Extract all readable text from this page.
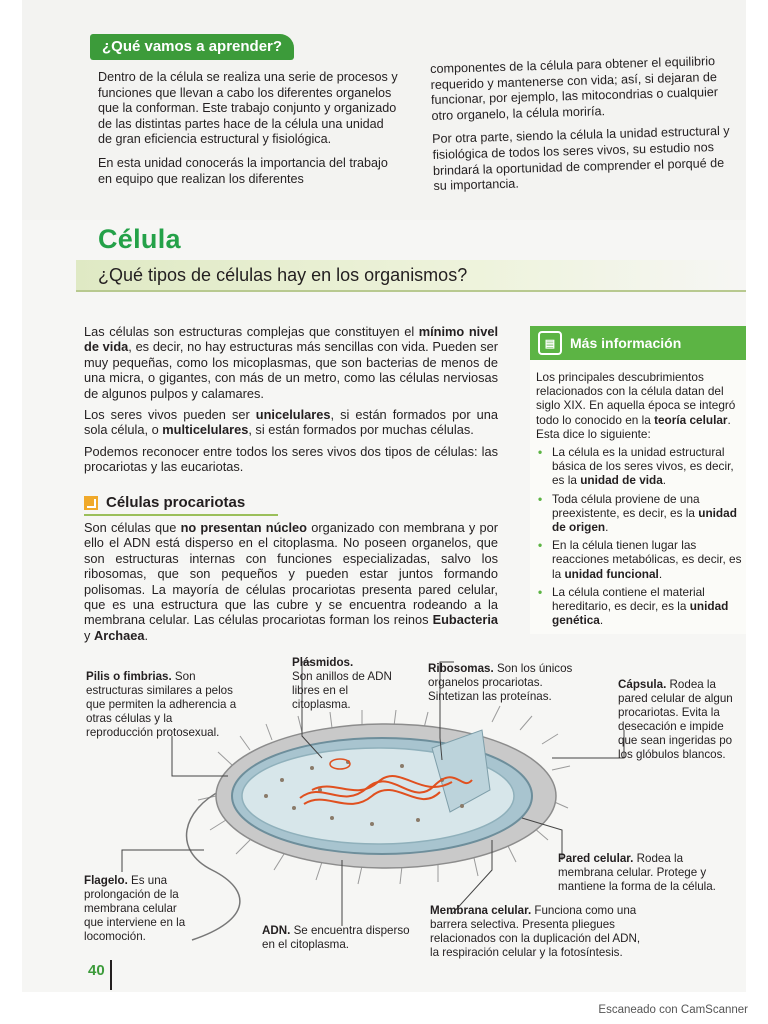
¿Qué vamos a aprender?

Dentro de la célula se realiza una serie de procesos y funciones que llevan a cabo los diferentes organelos que la conforman. Este trabajo conjunto y organizado de las distintas partes hace de la célula una unidad de gran eficiencia estructural y fisiológica.

En esta unidad conocerás la importancia del trabajo en equipo que realizan los diferentes

componentes de la célula para obtener el equilibrio requerido y mantenerse con vida; así, si dejaran de funcionar, por ejemplo, las mitocondrias o cualquier otro organelo, la célula moriría.

Por otra parte, siendo la célula la unidad estructural y fisiológica de todos los seres vivos, su estudio nos brindará la oportunidad de comprender el porqué de su importancia.

Célula
¿Qué tipos de células hay en los organismos?

Las células son estructuras complejas que constituyen el mínimo nivel de vida, es decir, no hay estructuras más sencillas con vida. Pueden ser muy pequeñas, como los micoplasmas, que son bacterias de menos de una micra, o gigantes, con más de un metro, como las células nerviosas de algunos pulpos y calamares.

Los seres vivos pueden ser unicelulares, si están formados por una sola célula, o multicelulares, si están formados por muchas células.

Podemos reconocer entre todos los seres vivos dos tipos de células: las procariotas y las eucariotas.

Células procariotas

Son células que no presentan núcleo organizado con membrana y por ello el ADN está disperso en el citoplasma. No poseen organelos, que son estructuras internas con funciones especializadas, salvo los ribosomas, que son pequeños y pueden estar juntos formando polisomas. La mayoría de células procariotas presenta pared celular, que es una estructura que las cubre y se encuentra rodeando a la membrana celular. Las células procariotas forman los reinos Eubacteria y Archaea.

▤	Más información
Los principales descubrimientos relacionados con la célula datan del siglo XIX. En aquella época se integró todo lo conocido en la teoría celular. Esta dice lo siguiente:
• La célula es la unidad estructural básica de los seres vivos, es decir, es la unidad de vida.
• Toda célula proviene de una preexistente, es decir, es la unidad de origen.
• En la célula tienen lugar las reacciones metabólicas, es decir, es la unidad funcional.
• La célula contiene el material hereditario, es decir, es la unidad genética.
Pilis o fimbrias. Son estructuras similares a pelos que permiten la adherencia a otras células y la reproducción protosexual.
Plásmidos.
Son anillos de ADN libres en el citoplasma.
Ribosomas. Son los únicos organelos procariotas. Sintetizan las proteínas.
Cápsula. Rodea la pared celular de algun procariotas. Evita la desecación e impide que sean ingeridas po los glóbulos blancos.
Pared celular. Rodea la membrana celular. Protege y mantiene la forma de la célula.
Flagelo. Es una prolongación de la membrana celular que interviene en la locomoción.	ADN. Se encuentra disperso en el citoplasma.
Membrana celular. Funciona como una barrera selectiva. Presenta pliegues relacionados con la duplicación del ADN, la respiración celular y la fotosíntesis.
40
Escaneado con CamScanner
